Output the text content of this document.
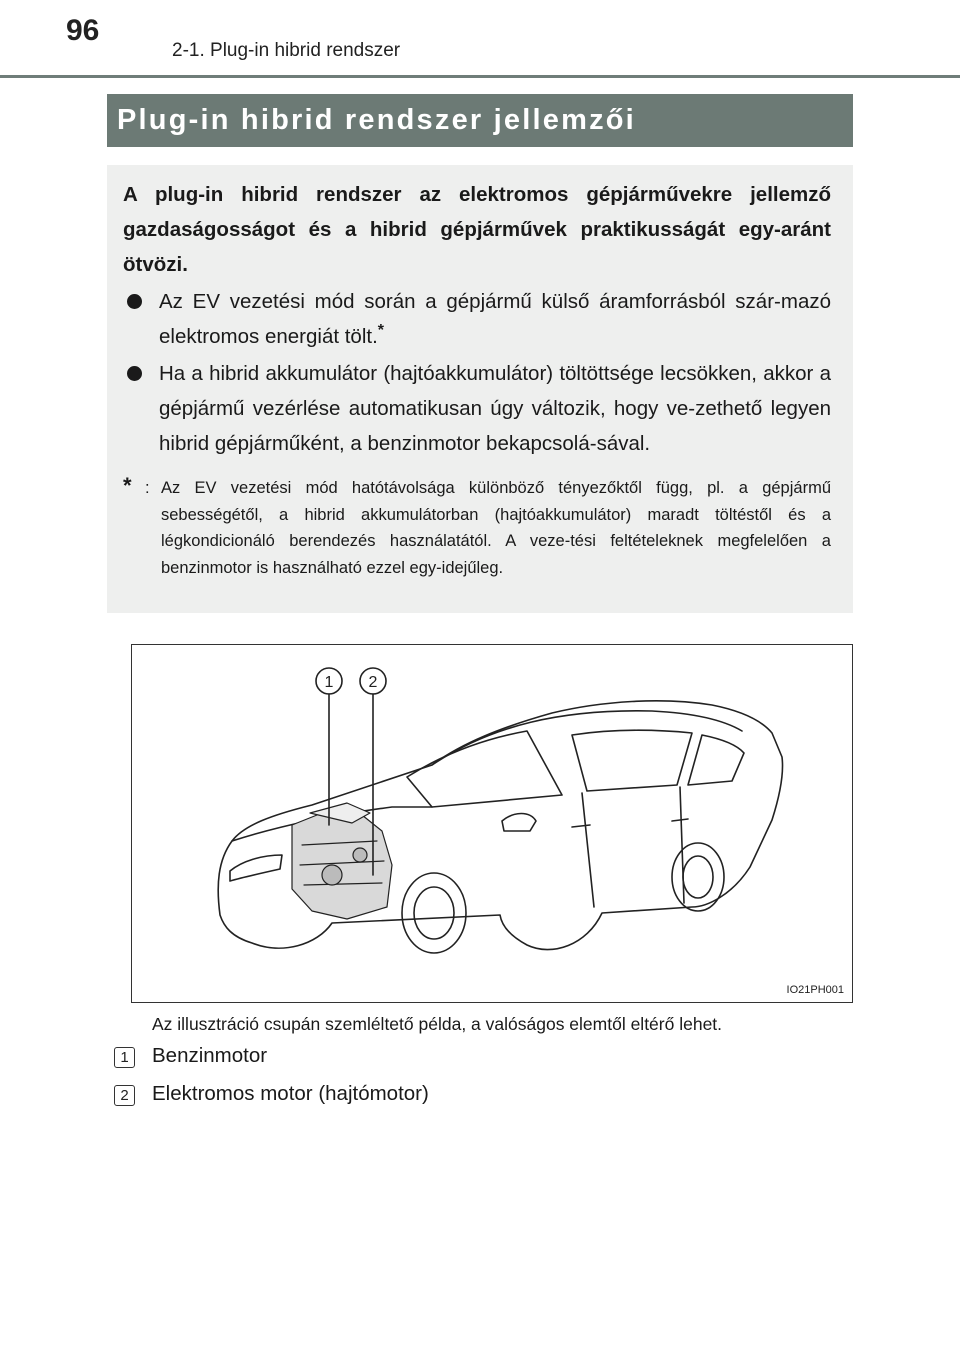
96
2-1. Plug-in hibrid rendszer
Plug-in hibrid rendszer jellemzői

A plug-in hibrid rendszer az elektromos gépjárművekre jellemző gazdaságosságot és a hibrid gépjárművek praktikusságát egy-aránt ötvözi.

Az EV vezetési mód során a gépjármű külső áramforrásból szár-mazó elektromos energiát tölt.*
Ha a hibrid akkumulátor (hajtóakkumulátor) töltöttsége lecsökken, akkor a gépjármű vezérlése automatikusan úgy változik, hogy ve-zethető legyen hibrid gépjárműként, a benzinmotor bekapcsolá-sával.
* : Az EV vezetési mód hatótávolsága különböző tényezőktől függ, pl. a gépjármű sebességétől, a hibrid akkumulátorban (hajtóakkumulátor) maradt töltéstől és a légkondicionáló berendezés használatától. A veze-tési feltételeknek megfelelően a benzinmotor is használható ezzel egy-idejűleg.
1 2
IO21PH001
Az illusztráció csupán szemléltető példa, a valóságos elemtől eltérő lehet.
1	Benzinmotor
2	Elektromos motor (hajtómotor)
